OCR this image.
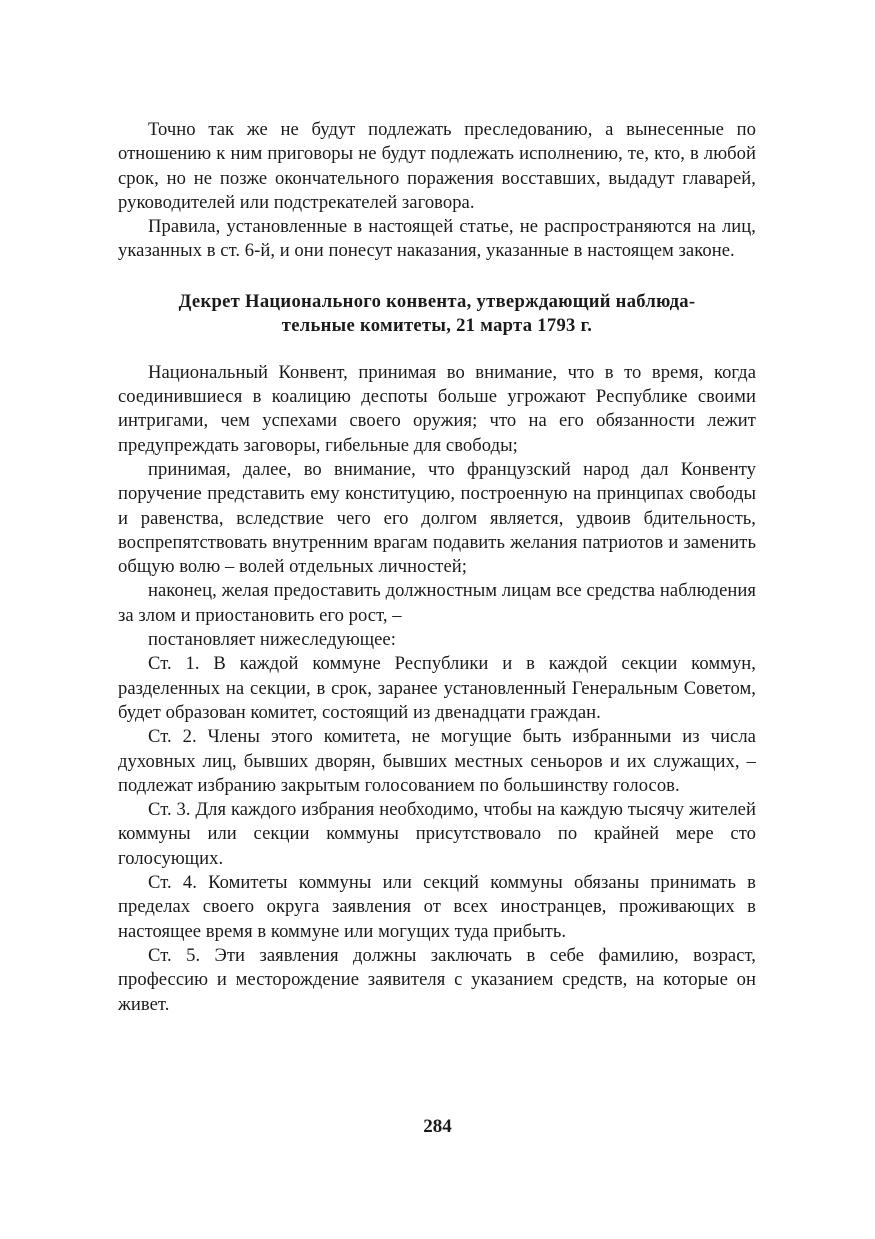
Точно так же не будут подлежать преследованию, а вынесенные по отношению к ним приговоры не будут подлежать исполнению, те, кто, в любой срок, но не позже окончательного поражения восставших, выдадут главарей, руководителей или подстрекателей заговора.

Правила, установленные в настоящей статье, не распространяются на лиц, указанных в ст. 6-й, и они понесут наказания, указанные в настоящем законе.

Декрет Национального конвента, утверждающий наблюда-
тельные комитеты, 21 марта 1793 г.

Национальный Конвент, принимая во внимание, что в то время, когда соединившиеся в коалицию деспоты больше угрожают Республике своими интригами, чем успехами своего оружия; что на его обязанности лежит предупреждать заговоры, гибельные для свободы;

принимая, далее, во внимание, что французский народ дал Конвенту поручение представить ему конституцию, построенную на принципах свободы и равенства, вследствие чего его долгом является, удвоив бдительность, воспрепятствовать внутренним врагам подавить желания патриотов и заменить общую волю – волей отдельных личностей;

наконец, желая предоставить должностным лицам все средства наблюдения за злом и приостановить его рост, –

постановляет нижеследующее:

Ст. 1. В каждой коммуне Республики и в каждой секции коммун, разделенных на секции, в срок, заранее установленный Генеральным Советом, будет образован комитет, состоящий из двенадцати граждан.

Ст. 2. Члены этого комитета, не могущие быть избранными из числа духовных лиц, бывших дворян, бывших местных сеньоров и их служащих, – подлежат избранию закрытым голосованием по большинству голосов.

Ст. 3. Для каждого избрания необходимо, чтобы на каждую тысячу жителей коммуны или секции коммуны присутствовало по крайней мере сто голосующих.

Ст. 4. Комитеты коммуны или секций коммуны обязаны принимать в пределах своего округа заявления от всех иностранцев, проживающих в настоящее время в коммуне или могущих туда прибыть.

Ст. 5. Эти заявления должны заключать в себе фамилию, возраст, профессию и месторождение заявителя с указанием средств, на которые он живет.

284
